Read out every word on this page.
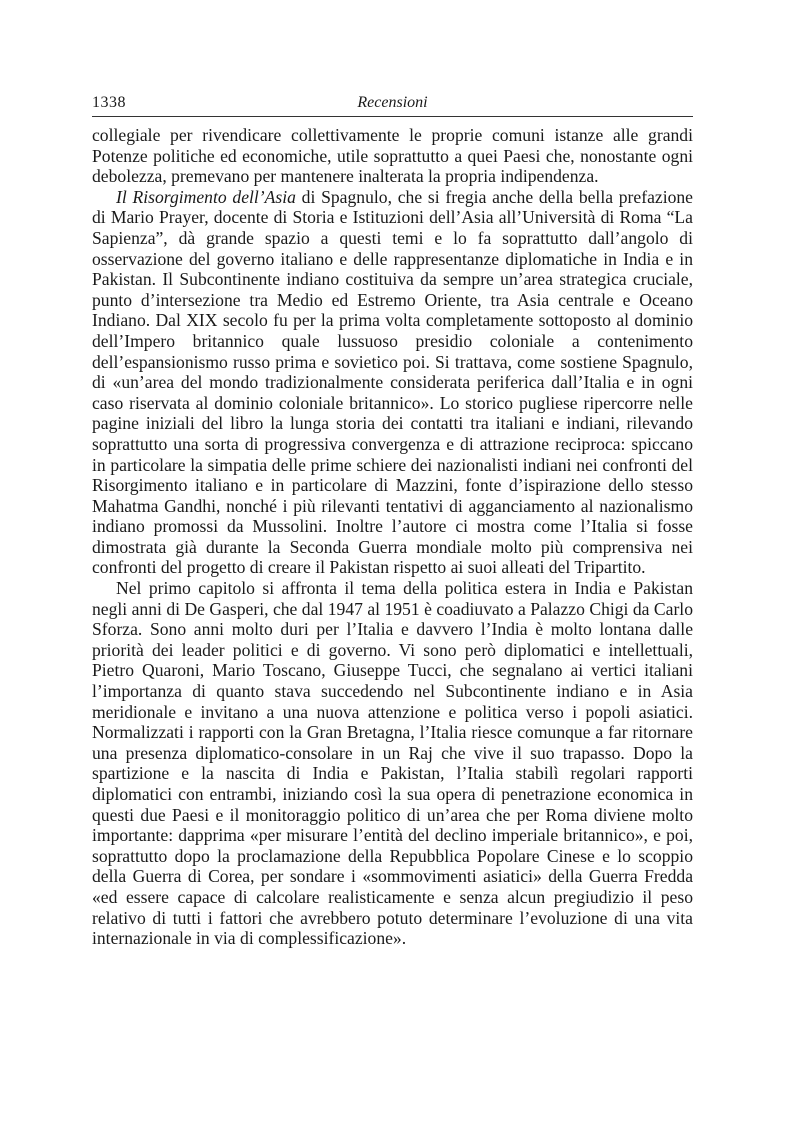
1338	Recensioni

collegiale per rivendicare collettivamente le proprie comuni istanze alle grandi Potenze politiche ed economiche, utile soprattutto a quei Paesi che, nonostante ogni debolezza, premevano per mantenere inalterata la propria indipendenza.

Il Risorgimento dell’Asia di Spagnulo, che si fregia anche della bella prefazione di Mario Prayer, docente di Storia e Istituzioni dell’Asia all’Università di Roma “La Sapienza”, dà grande spazio a questi temi e lo fa soprattutto dall’angolo di osservazione del governo italiano e delle rappresentanze diplomatiche in India e in Pakistan. Il Subcontinente indiano costituiva da sempre un’area strategica cruciale, punto d’intersezione tra Medio ed Estremo Oriente, tra Asia centrale e Oceano Indiano. Dal XIX secolo fu per la prima volta completamente sottoposto al dominio dell’Impero britannico quale lussuoso presidio coloniale a contenimento dell’espansionismo russo prima e sovietico poi. Si trattava, come sostiene Spagnulo, di «un’area del mondo tradizionalmente considerata periferica dall’Italia e in ogni caso riservata al dominio coloniale britannico». Lo storico pugliese ripercorre nelle pagine iniziali del libro la lunga storia dei contatti tra italiani e indiani, rilevando soprattutto una sorta di progressiva convergenza e di attrazione reciproca: spiccano in particolare la simpatia delle prime schiere dei nazionalisti indiani nei confronti del Risorgimento italiano e in particolare di Mazzini, fonte d’ispirazione dello stesso Mahatma Gandhi, nonché i più rilevanti tentativi di agganciamento al nazionalismo indiano promossi da Mussolini. Inoltre l’autore ci mostra come l’Italia si fosse dimostrata già durante la Seconda Guerra mondiale molto più comprensiva nei confronti del progetto di creare il Pakistan rispetto ai suoi alleati del Tripartito.

Nel primo capitolo si affronta il tema della politica estera in India e Pakistan negli anni di De Gasperi, che dal 1947 al 1951 è coadiuvato a Palazzo Chigi da Carlo Sforza. Sono anni molto duri per l’Italia e davvero l’India è molto lontana dalle priorità dei leader politici e di governo. Vi sono però diplomatici e intellettuali, Pietro Quaroni, Mario Toscano, Giuseppe Tucci, che segnalano ai vertici italiani l’importanza di quanto stava succedendo nel Subcontinente indiano e in Asia meridionale e invitano a una nuova attenzione e politica verso i popoli asiatici. Normalizzati i rapporti con la Gran Bretagna, l’Italia riesce comunque a far ritornare una presenza diplomatico-consolare in un Raj che vive il suo trapasso. Dopo la spartizione e la nascita di India e Pakistan, l’Italia stabilì regolari rapporti diplomatici con entrambi, iniziando così la sua opera di penetrazione economica in questi due Paesi e il monitoraggio politico di un’area che per Roma diviene molto importante: dapprima «per misurare l’entità del declino imperiale britannico», e poi, soprattutto dopo la proclamazione della Repubblica Popolare Cinese e lo scoppio della Guerra di Corea, per sondare i «sommovimenti asiatici» della Guerra Fredda «ed essere capace di calcolare realisticamente e senza alcun pregiudizio il peso relativo di tutti i fattori che avrebbero potuto determinare l’evoluzione di una vita internazionale in via di complessificazione».
